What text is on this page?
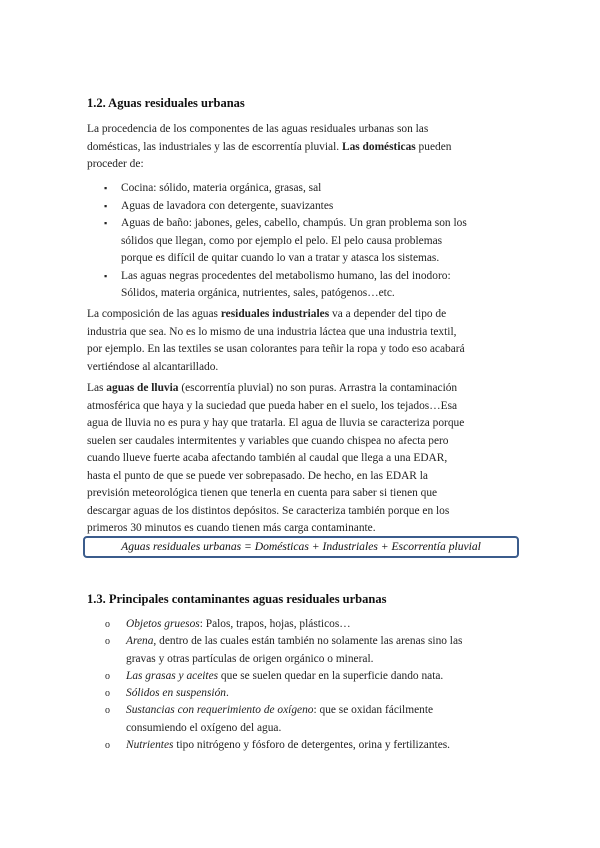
1.2. Aguas residuales urbanas

La procedencia de los componentes de las aguas residuales urbanas son las
domésticas, las industriales y las de escorrentía pluvial. Las domésticas pueden
proceder de:

▪ Cocina: sólido, materia orgánica, grasas, sal
▪ Aguas de lavadora con detergente, suavizantes
▪ Aguas de baño: jabones, geles, cabello, champús. Un gran problema son los
sólidos que llegan, como por ejemplo el pelo. El pelo causa problemas
porque es difícil de quitar cuando lo van a tratar y atasca los sistemas.
▪ Las aguas negras procedentes del metabolismo humano, las del inodoro:
Sólidos, materia orgánica, nutrientes, sales, patógenos…etc.

La composición de las aguas residuales industriales va a depender del tipo de
industria que sea. No es lo mismo de una industria láctea que una industria textil,
por ejemplo. En las textiles se usan colorantes para teñir la ropa y todo eso acabará
vertiéndose al alcantarillado.

Las aguas de lluvia (escorrentía pluvial) no son puras. Arrastra la contaminación
atmosférica que haya y la suciedad que pueda haber en el suelo, los tejados…Esa
agua de lluvia no es pura y hay que tratarla. El agua de lluvia se caracteriza porque
suelen ser caudales intermitentes y variables que cuando chispea no afecta pero
cuando llueve fuerte acaba afectando también al caudal que llega a una EDAR,
hasta el punto de que se puede ver sobrepasado. De hecho, en las EDAR la
previsión meteorológica tienen que tenerla en cuenta para saber si tienen que
descargar aguas de los distintos depósitos. Se caracteriza también porque en los
primeros 30 minutos es cuando tienen más carga contaminante.

Aguas residuales urbanas = Domésticas + Industriales + Escorrentía pluvial
1.3. Principales contaminantes aguas residuales urbanas
o Objetos gruesos: Palos, trapos, hojas, plásticos…
o Arena, dentro de las cuales están también no solamente las arenas sino las
gravas y otras partículas de origen orgánico o mineral.
o Las grasas y aceites que se suelen quedar en la superficie dando nata.
o Sólidos en suspensión.
o Sustancias con requerimiento de oxígeno: que se oxidan fácilmente
consumiendo el oxígeno del agua.
o Nutrientes tipo nitrógeno y fósforo de detergentes, orina y fertilizantes.
